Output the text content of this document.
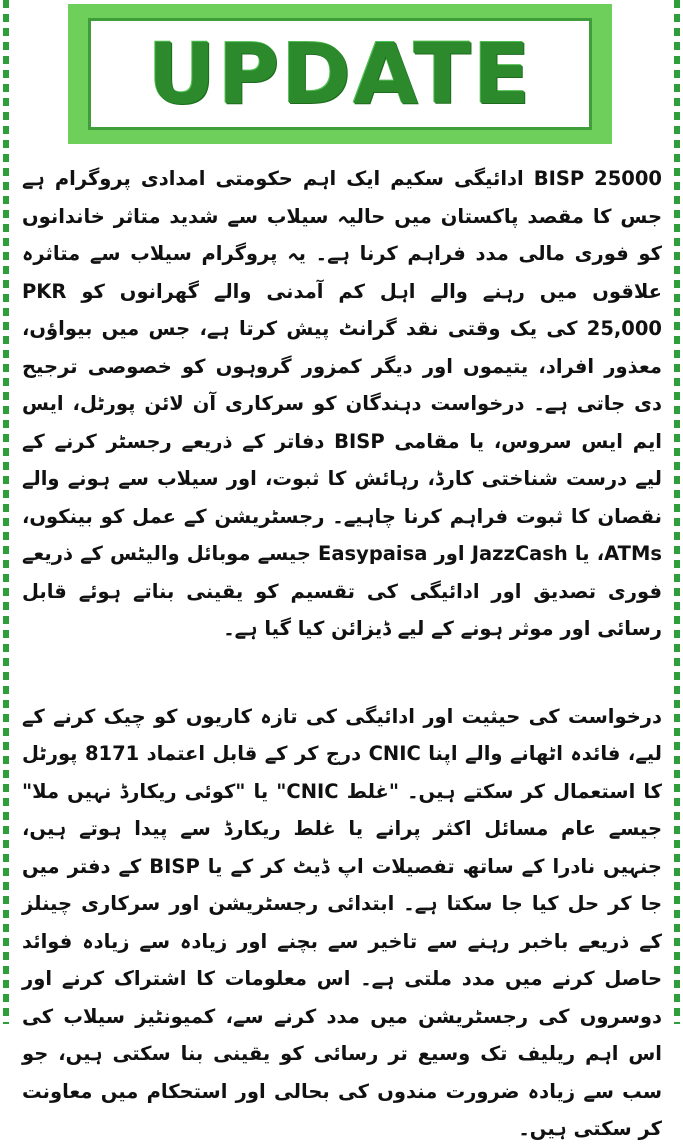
UPDATE

BISP 25000 ادائیگی سکیم ایک اہم حکومتی امدادی پروگرام ہے جس کا مقصد پاکستان میں حالیہ سیلاب سے شدید متاثر خاندانوں کو فوری مالی مدد فراہم کرنا ہے۔ یہ پروگرام سیلاب سے متاثرہ علاقوں میں رہنے والے اہل کم آمدنی والے گھرانوں کو PKR 25,000 کی یک وقتی نقد گرانٹ پیش کرتا ہے، جس میں بیواؤں، معذور افراد، یتیموں اور دیگر کمزور گروہوں کو خصوصی ترجیح دی جاتی ہے۔ درخواست دہندگان کو سرکاری آن لائن پورٹل، ایس ایم ایس سروس، یا مقامی BISP دفاتر کے ذریعے رجسٹر کرنے کے لیے درست شناختی کارڈ، رہائش کا ثبوت، اور سیلاب سے ہونے والے نقصان کا ثبوت فراہم کرنا چاہیے۔ رجسٹریشن کے عمل کو بینکوں، ATMs، یا JazzCash اور Easypaisa جیسے موبائل والیٹس کے ذریعے فوری تصدیق اور ادائیگی کی تقسیم کو یقینی بناتے ہوئے قابل رسائی اور موثر ہونے کے لیے ڈیزائن کیا گیا ہے۔

درخواست کی حیثیت اور ادائیگی کی تازہ کاریوں کو چیک کرنے کے لیے، فائدہ اٹھانے والے اپنا CNIC درج کر کے قابل اعتماد 8171 پورٹل کا استعمال کر سکتے ہیں۔ "غلط CNIC" یا "کوئی ریکارڈ نہیں ملا" جیسے عام مسائل اکثر پرانے یا غلط ریکارڈ سے پیدا ہوتے ہیں، جنہیں نادرا کے ساتھ تفصیلات اپ ڈیٹ کر کے یا BISP کے دفتر میں جا کر حل کیا جا سکتا ہے۔ ابتدائی رجسٹریشن اور سرکاری چینلز کے ذریعے باخبر رہنے سے تاخیر سے بچنے اور زیادہ سے زیادہ فوائد حاصل کرنے میں مدد ملتی ہے۔ اس معلومات کا اشتراک کرنے اور دوسروں کی رجسٹریشن میں مدد کرنے سے، کمیونٹیز سیلاب کی اس اہم ریلیف تک وسیع تر رسائی کو یقینی بنا سکتی ہیں، جو سب سے زیادہ ضرورت مندوں کی بحالی اور استحکام میں معاونت کر سکتی ہیں۔
